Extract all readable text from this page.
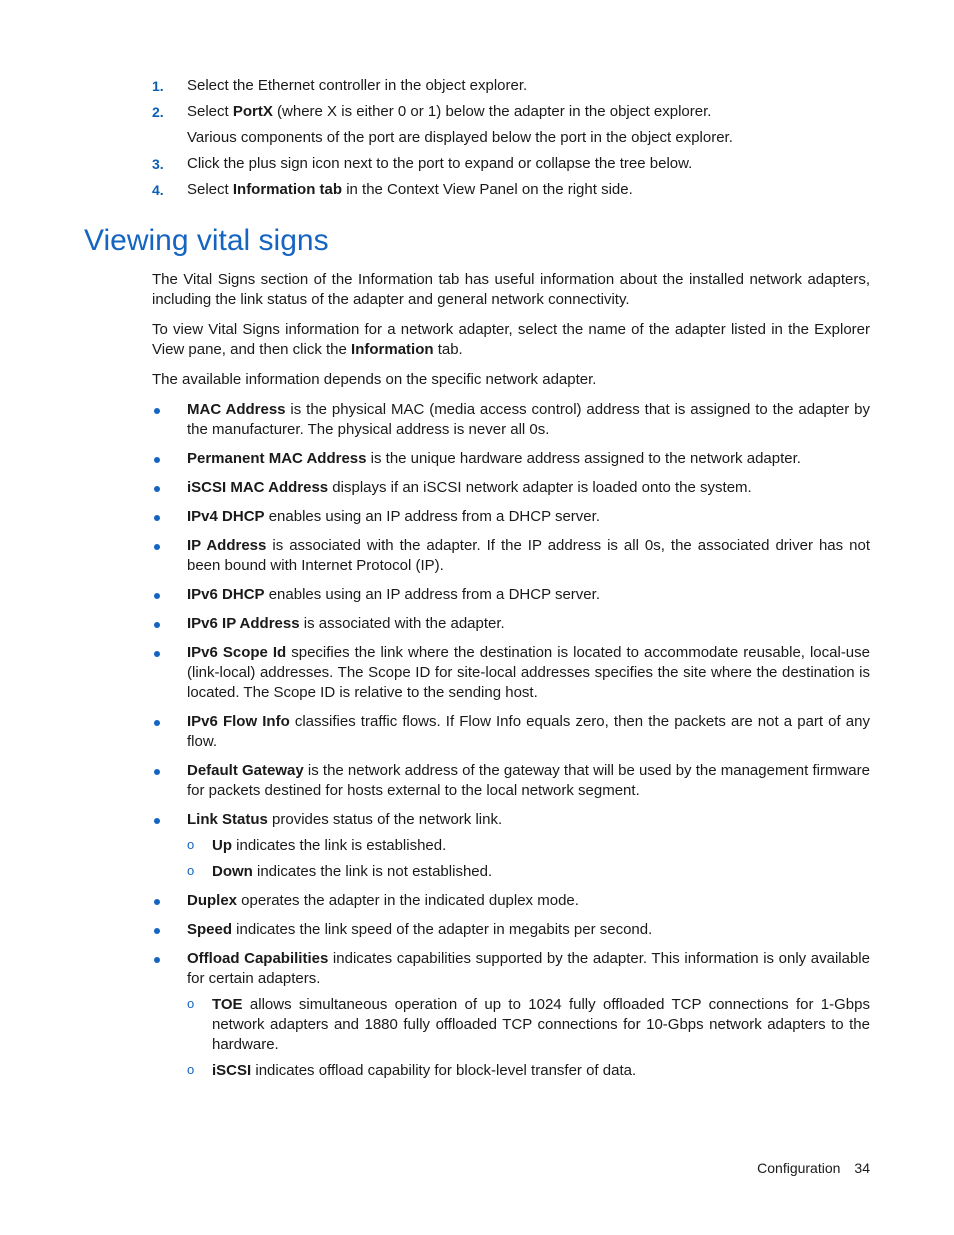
1. Select the Ethernet controller in the object explorer.
2. Select PortX (where X is either 0 or 1) below the adapter in the object explorer.
Various components of the port are displayed below the port in the object explorer.
3. Click the plus sign icon next to the port to expand or collapse the tree below.
4. Select Information tab in the Context View Panel on the right side.
Viewing vital signs

The Vital Signs section of the Information tab has useful information about the installed network adapters, including the link status of the adapter and general network connectivity.

To view Vital Signs information for a network adapter, select the name of the adapter listed in the Explorer View pane, and then click the Information tab.

The available information depends on the specific network adapter.

MAC Address is the physical MAC (media access control) address that is assigned to the adapter by the manufacturer. The physical address is never all 0s.
Permanent MAC Address is the unique hardware address assigned to the network adapter.
iSCSI MAC Address displays if an iSCSI network adapter is loaded onto the system.
IPv4 DHCP enables using an IP address from a DHCP server.
IP Address is associated with the adapter. If the IP address is all 0s, the associated driver has not been bound with Internet Protocol (IP).
IPv6 DHCP enables using an IP address from a DHCP server.
IPv6 IP Address is associated with the adapter.
IPv6 Scope Id specifies the link where the destination is located to accommodate reusable, local-use (link-local) addresses. The Scope ID for site-local addresses specifies the site where the destination is located. The Scope ID is relative to the sending host.
IPv6 Flow Info classifies traffic flows. If Flow Info equals zero, then the packets are not a part of any flow.
Default Gateway is the network address of the gateway that will be used by the management firmware for packets destined for hosts external to the local network segment.
Link Status provides status of the network link.
o Up indicates the link is established.
o Down indicates the link is not established.
Duplex operates the adapter in the indicated duplex mode.
Speed indicates the link speed of the adapter in megabits per second.
Offload Capabilities indicates capabilities supported by the adapter. This information is only available for certain adapters.
o TOE allows simultaneous operation of up to 1024 fully offloaded TCP connections for 1-Gbps network adapters and 1880 fully offloaded TCP connections for 10-Gbps network adapters to the hardware.
o iSCSI indicates offload capability for block-level transfer of data.
Configuration 34
